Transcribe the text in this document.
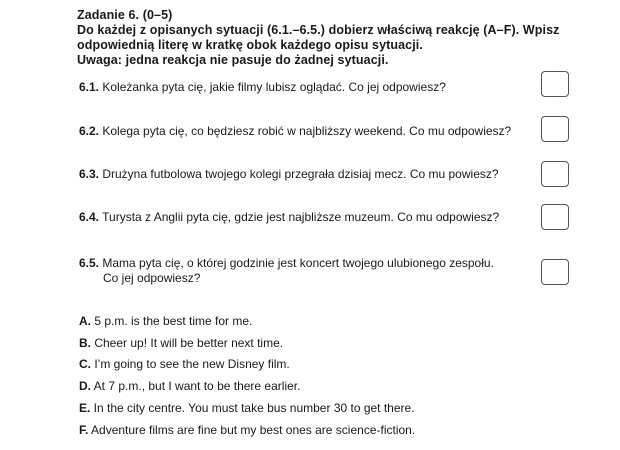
Zadanie 6. (0–5)
Do każdej z opisanych sytuacji (6.1.–6.5.) dobierz właściwą reakcję (A–F). Wpisz
odpowiednią literę w kratkę obok każdego opisu sytuacji.
Uwaga: jedna reakcja nie pasuje do żadnej sytuacji.
6.1. Koleżanka pyta cię, jakie filmy lubisz oglądać. Co jej odpowiesz?
6.2. Kolega pyta cię, co będziesz robić w najbliższy weekend. Co mu odpowiesz?
6.3. Drużyna futbolowa twojego kolegi przegrała dzisiaj mecz. Co mu powiesz?
6.4. Turysta z Anglii pyta cię, gdzie jest najbliższe muzeum. Co mu odpowiesz?
6.5. Mama pyta cię, o której godzinie jest koncert twojego ulubionego zespołu.
Co jej odpowiesz?
A. 5 p.m. is the best time for me.
B. Cheer up! It will be better next time.
C. I’m going to see the new Disney film.
D. At 7 p.m., but I want to be there earlier.
E. In the city centre. You must take bus number 30 to get there.
F. Adventure films are fine but my best ones are science-fiction.
